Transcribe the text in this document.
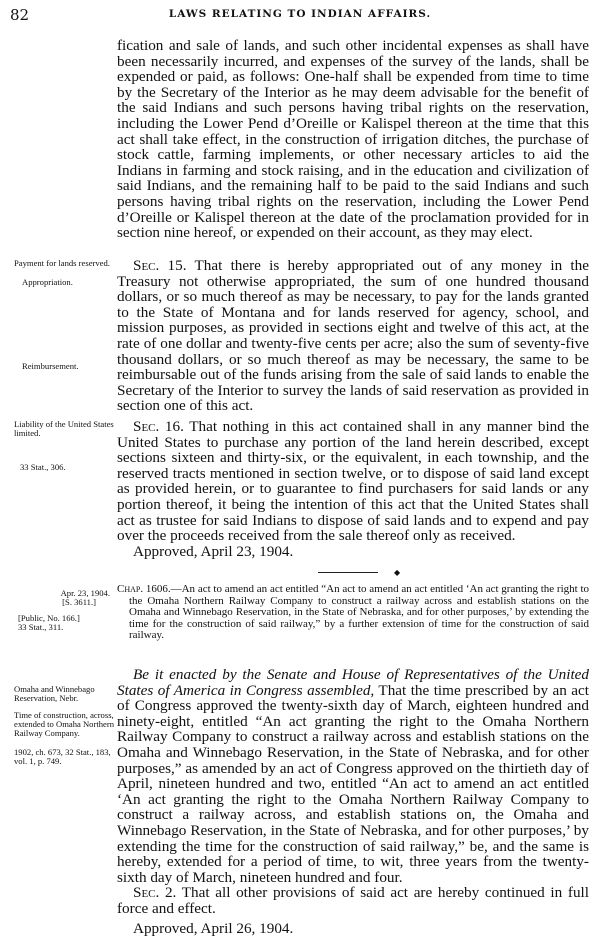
82	LAWS RELATING TO INDIAN AFFAIRS.

fication and sale of lands, and such other incidental expenses as shall have been necessarily incurred, and expenses of the survey of the lands, shall be expended or paid, as follows: One-half shall be expended from time to time by the Secretary of the Interior as he may deem advisable for the benefit of the said Indians and such persons having tribal rights on the reservation, including the Lower Pend d’Oreille or Kalispel thereon at the time that this act shall take effect, in the construction of irrigation ditches, the purchase of stock cattle, farming implements, or other necessary articles to aid the Indians in farming and stock raising, and in the education and civilization of said Indians, and the remaining half to be paid to the said Indians and such persons having tribal rights on the reservation, including the Lower Pend d’Oreille or Kalispel thereon at the date of the proclamation provided for in section nine hereof, or expended on their account, as they may elect.

Sec. 15. That there is hereby appropriated out of any money in the Treasury not otherwise appropriated, the sum of one hundred thousand dollars, or so much thereof as may be necessary, to pay for the lands granted to the State of Montana and for lands reserved for agency, school, and mission purposes, as provided in sections eight and twelve of this act, at the rate of one dollar and twenty-five cents per acre; also the sum of seventy-five thousand dollars, or so much thereof as may be necessary, the same to be reimbursable out of the funds arising from the sale of said lands to enable the Secretary of the Interior to survey the lands of said reservation as provided in section one of this act.

Sec. 16. That nothing in this act contained shall in any manner bind the United States to purchase any portion of the land herein described, except sections sixteen and thirty-six, or the equivalent, in each township, and the reserved tracts mentioned in section twelve, or to dispose of said land except as provided herein, or to guarantee to find purchasers for said lands or any portion thereof, it being the intention of this act that the United States shall act as trustee for said Indians to dispose of said lands and to expend and pay over the proceeds received from the sale thereof only as received.

Approved, April 23, 1904.

◆

Chap. 1606.—An act to amend an act entitled “An act to amend an act entitled ‘An act granting the right to the Omaha Northern Railway Company to construct a railway across and establish stations on the Omaha and Winnebago Reservation, in the State of Nebraska, and for other purposes,’ by extending the time for the construction of said railway,” by a further extension of time for the construction of said railway.

Be it enacted by the Senate and House of Representatives of the United States of America in Congress assembled, That the time prescribed by an act of Congress approved the twenty-sixth day of March, eighteen hundred and ninety-eight, entitled “An act granting the right to the Omaha Northern Railway Company to construct a railway across and establish stations on the Omaha and Winnebago Reservation, in the State of Nebraska, and for other purposes,” as amended by an act of Congress approved on the thirtieth day of April, nineteen hundred and two, entitled “An act to amend an act entitled ‘An act granting the right to the Omaha Northern Railway Company to construct a railway across, and establish stations on, the Omaha and Winnebago Reservation, in the State of Nebraska, and for other purposes,’ by extending the time for the construction of said railway,” be, and the same is hereby, extended for a period of time, to wit, three years from the twenty-sixth day of March, nineteen hundred and four.

Sec. 2. That all other provisions of said act are hereby continued in full force and effect.

Approved, April 26, 1904.

Payment for lands reserved.
Appropriation.
Reimbursement.
Liability of the United States limited.
33 Stat., 306.
Apr. 23, 1904.
[S. 3611.]
[Public, No. 166.]
33 Stat., 311.
Omaha and Winnebago Reservation, Nebr.
Time of construction, across, extended to Omaha Northern Railway Company.
1902, ch. 673, 32 Stat., 183, vol. 1, p. 749.
